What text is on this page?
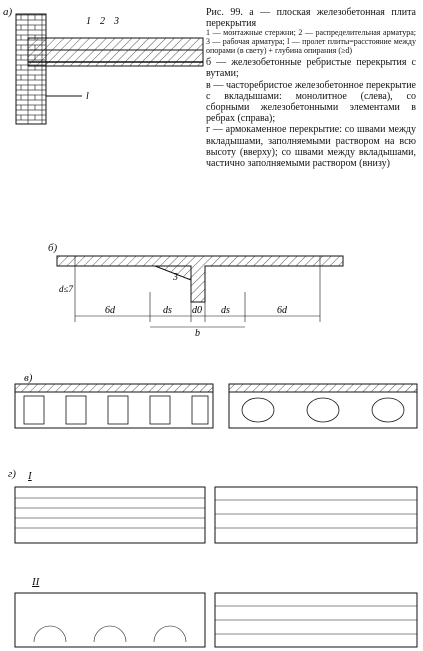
Рис. 99. а — плоская железобетонная плита перекрытия

1 — монтажные стержни; 2 — распределительная арматура; 3 — рабочая арматура; l — пролет плиты=расстояние между опорами (в свету) + глубина опирания (≥d)

б — железобетонные ребристые перекрытия с вутами;

в — часторебристое железобетонное перекрытие с вкладышами: монолитное (слева), со сборными железобетонными элементами в ребрах (справа);

г — армокаменное перекрытие: со швами между вкладышами, заполняемыми раствором на всю высоту (вверху); со швами между вкладышами, частично заполняемыми раствором (внизу)

а)
б)
в)
г) I
II
1 2 3
l
6d	ds d0 ds	6d
b
d≤7
3
